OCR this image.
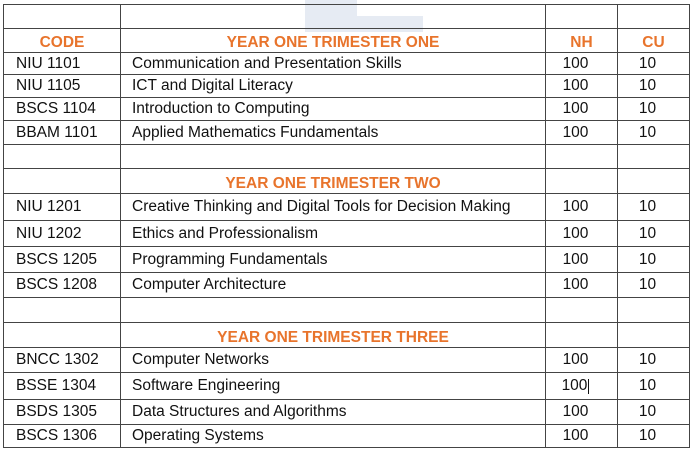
CODE	YEAR ONE TRIMESTER ONE	NH	CU
NIU 1101	Communication and Presentation Skills	100	10
NIU 1105	ICT and Digital Literacy	100	10
BSCS 1104	Introduction to Computing	100	10
BBAM 1101	Applied Mathematics Fundamentals	100	10

	YEAR ONE TRIMESTER TWO		
NIU 1201	Creative Thinking and Digital Tools for Decision Making	100	10
NIU 1202	Ethics and Professionalism	100	10
BSCS 1205	Programming Fundamentals	100	10
BSCS 1208	Computer Architecture	100	10

	YEAR ONE TRIMESTER THREE		
BNCC 1302	Computer Networks	100	10
BSSE 1304	Software Engineering	100	10
BSDS 1305	Data Structures and Algorithms	100	10
BSCS 1306	Operating Systems	100	10
